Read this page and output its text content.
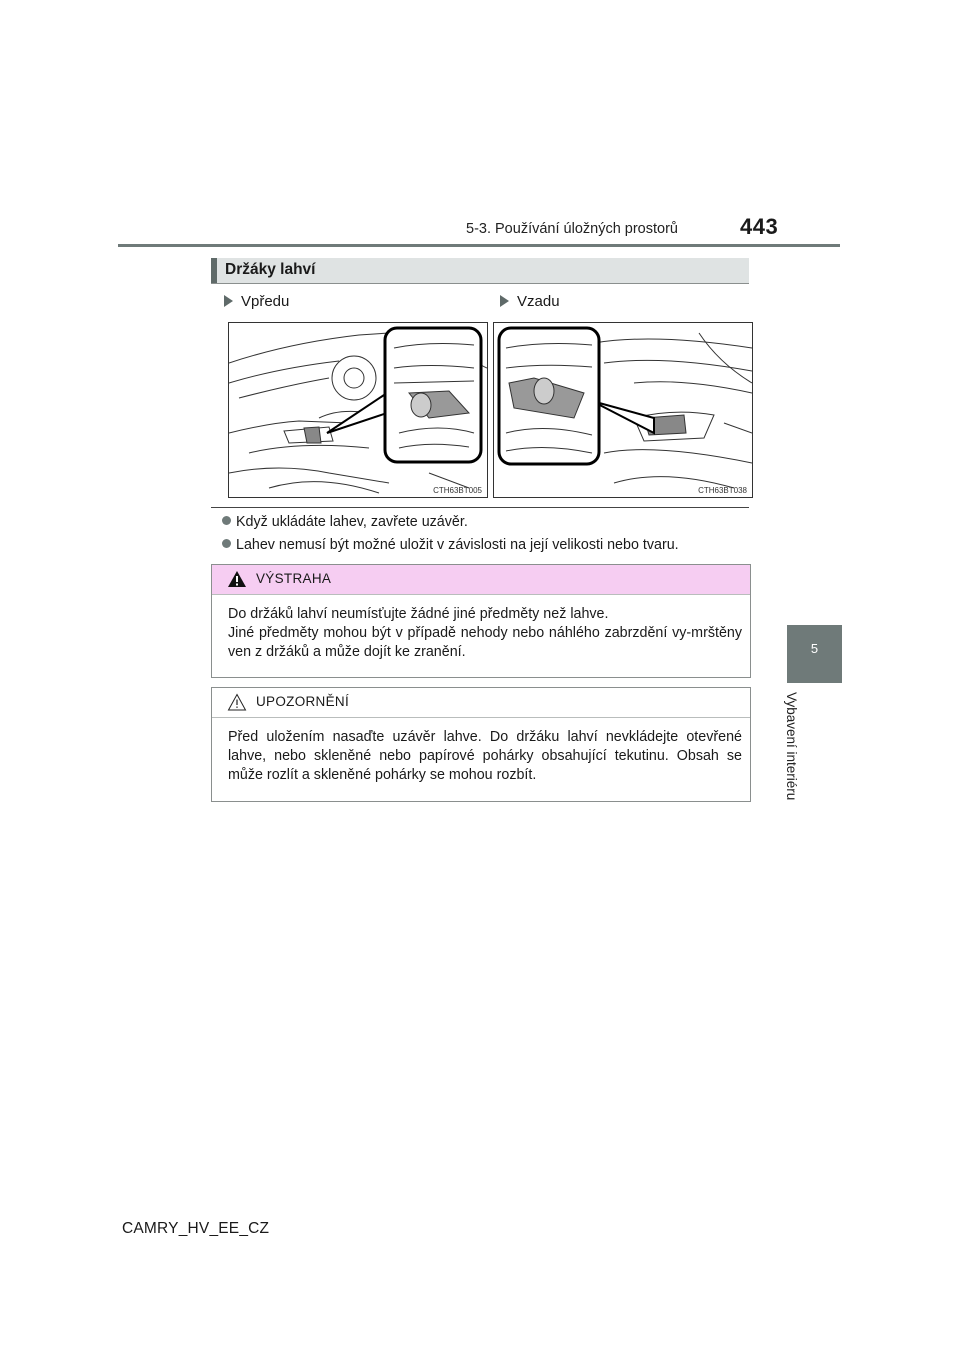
5-3. Používání úložných prostorů	443
5
Vybavení interiéru
Držáky lahví
Vpředu	Vzadu
CTH63BT005	CTH63BT038
Když ukládáte lahev, zavřete uzávěr.
Lahev nemusí být možné uložit v závislosti na její velikosti nebo tvaru.
VÝSTRAHA
Do držáků lahví neumísťujte žádné jiné předměty než lahve.
Jiné předměty mohou být v případě nehody nebo náhlého zabrzdění vy-mrštěny ven z držáků a může dojít ke zranění.
UPOZORNĚNÍ
Před uložením nasaďte uzávěr lahve. Do držáku lahví nevkládejte otevřené lahve, nebo skleněné nebo papírové pohárky obsahující tekutinu. Obsah se může rozlít a skleněné pohárky se mohou rozbít.
CAMRY_HV_EE_CZ
